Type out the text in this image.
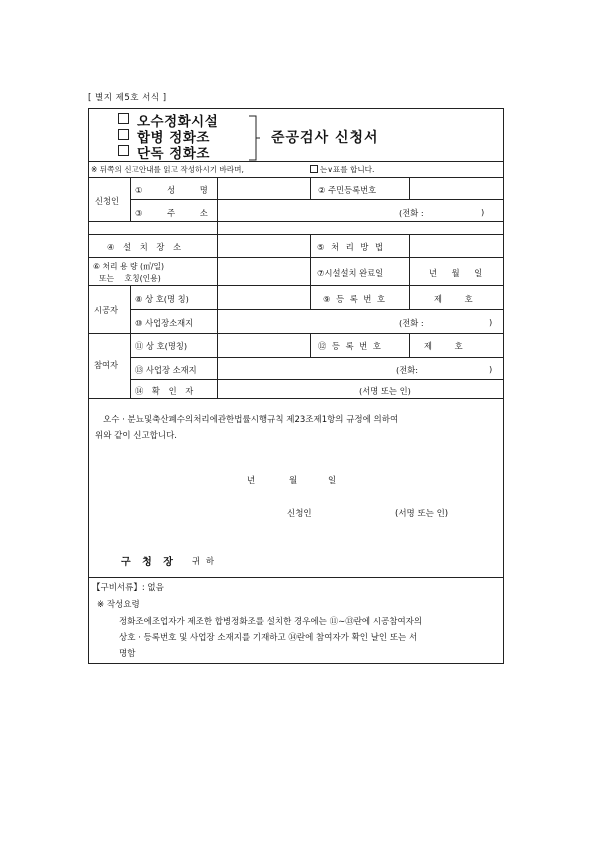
[ 별지 제5호 서식 ]
오수정화시설
합병 정화조
단독 정화조
준공검사 신청서
※ 뒤쪽의 신고안내를 읽고 작성하시기 바라며,	는∨표를 합니다.
신청인
① 성 명	② 주민등록번호
③ 주 소	(전화 :	)
④ 설 치 장 소	⑤ 처 리 방 법
⑥ 처리 용 량 (㎥/일)
또는 호칭(인용)
⑦시설설치 완료일	년 월 일
시공자
⑧ 상 호(명 칭)	⑨ 등 록 번 호	제 호
⑩ 사업장소재지	(전화 :	)
참여자
⑪ 상 호(명칭)	⑫ 등 록 번 호	제 호
⑬ 사업장 소재지	(전화:	)
⑭ 확 인 자	(서명 또는 인)
오수 · 분뇨및축산폐수의처리에관한법률시행규칙 제23조제1항의 규정에 의하여
위와 같이 신고합니다.
년	월	일
신청인	(서명 또는 인)
구 청 장 귀 하
【구비서류】: 없음
※ 작성요령
정화조에조업자가 제조한 합병정화조를 설치한 경우에는 ⑪∼⑬란에 시공참여자의
상호 · 등록번호 및 사업장 소재지를 기재하고 ⑭란에 참여자가 확인 날인 또는 서
명함
